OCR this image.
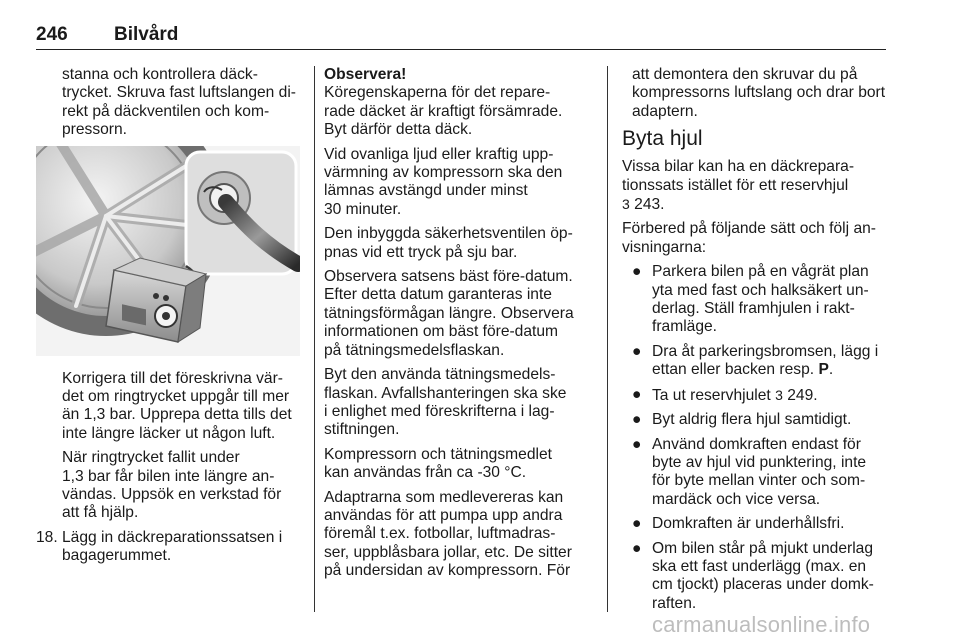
246 Bilvård

stanna och kontrollera däck-
trycket. Skruva fast luftslangen di-
rekt på däckventilen och kom-
pressorn.

Korrigera till det föreskrivna vär-
det om ringtrycket uppgår till mer
än 1,3 bar. Upprepa detta tills det
inte längre läcker ut någon luft.

När ringtrycket fallit under
1,3 bar får bilen inte längre an-
vändas. Uppsök en verkstad för
att få hjälp.

18. Lägg in däckreparationssatsen i
bagagerummet.

Observera!
Köregenskaperna för det repare-
rade däcket är kraftigt försämrade.
Byt därför detta däck.

Vid ovanliga ljud eller kraftig upp-
värmning av kompressorn ska den
lämnas avstängd under minst
30 minuter.

Den inbyggda säkerhetsventilen öp-
pnas vid ett tryck på sju bar.

Observera satsens bäst före-datum.
Efter detta datum garanteras inte
tätningsförmågan längre. Observera
informationen om bäst före-datum
på tätningsmedelsflaskan.

Byt den använda tätningsmedels-
flaskan. Avfallshanteringen ska ske
i enlighet med föreskrifterna i lag-
stiftningen.

Kompressorn och tätningsmedlet
kan användas från ca -30 °C.

Adaptrarna som medlevereras kan
användas för att pumpa upp andra
föremål t.ex. fotbollar, luftmadras-
ser, uppblåsbara jollar, etc. De sitter
på undersidan av kompressorn. För

att demontera den skruvar du på
kompressorns luftslang och drar bort
adaptern.

Byta hjul

Vissa bilar kan ha en däckrepara-
tionssats istället för ett reservhjul
3 243.

Förbered på följande sätt och följ an-
visningarna:

● Parkera bilen på en vågrät plan
yta med fast och halksäkert un-
derlag. Ställ framhjulen i rakt-
framläge.
● Dra åt parkeringsbromsen, lägg i
ettan eller backen resp. P.
● Ta ut reservhjulet 3 249.
● Byt aldrig flera hjul samtidigt.
● Använd domkraften endast för
byte av hjul vid punktering, inte
för byte mellan vinter och som-
mardäck och vice versa.
● Domkraften är underhållsfri.
● Om bilen står på mjukt underlag
ska ett fast underlägg (max. en
cm tjockt) placeras under domk-
raften.
carmanualsonline.info
